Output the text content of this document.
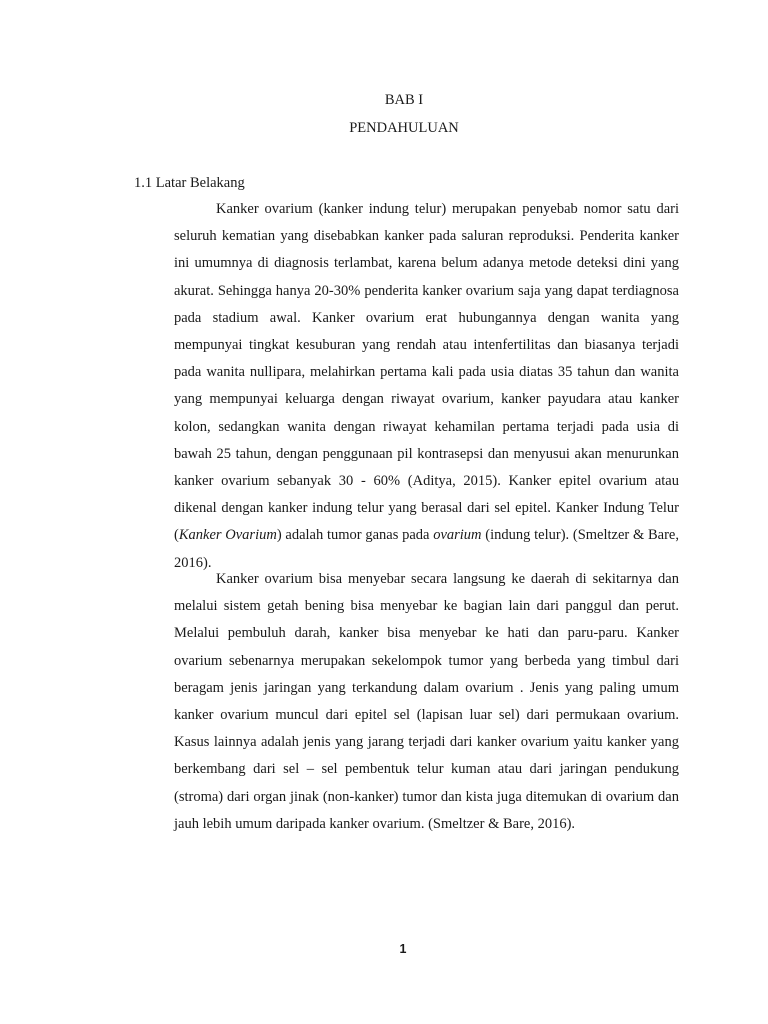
BAB I
PENDAHULUAN
1.1 Latar Belakang

Kanker ovarium (kanker indung telur) merupakan penyebab nomor satu dari seluruh kematian yang disebabkan kanker pada saluran reproduksi. Penderita kanker ini umumnya di diagnosis terlambat, karena belum adanya metode deteksi dini yang akurat. Sehingga hanya 20-30% penderita kanker ovarium saja yang dapat terdiagnosa pada stadium awal. Kanker ovarium erat hubungannya dengan wanita yang mempunyai tingkat kesuburan yang rendah atau intenfertilitas dan biasanya terjadi pada wanita nullipara, melahirkan pertama kali pada usia diatas 35 tahun dan wanita yang mempunyai keluarga dengan riwayat ovarium, kanker payudara atau kanker kolon, sedangkan wanita dengan riwayat kehamilan pertama terjadi pada usia di bawah 25 tahun, dengan penggunaan pil kontrasepsi dan menyusui akan menurunkan kanker ovarium sebanyak 30 - 60% (Aditya, 2015). Kanker epitel ovarium atau dikenal dengan kanker indung telur yang berasal dari sel epitel. Kanker Indung Telur (Kanker Ovarium) adalah tumor ganas pada ovarium (indung telur). (Smeltzer & Bare, 2016).

Kanker ovarium bisa menyebar secara langsung ke daerah di sekitarnya dan melalui sistem getah bening bisa menyebar ke bagian lain dari panggul dan perut. Melalui pembuluh darah, kanker bisa menyebar ke hati dan paru-paru. Kanker ovarium sebenarnya merupakan sekelompok tumor yang berbeda yang timbul dari beragam jenis jaringan yang terkandung dalam ovarium . Jenis yang paling umum kanker ovarium muncul dari epitel sel (lapisan luar sel) dari permukaan ovarium. Kasus lainnya adalah jenis yang jarang terjadi dari kanker ovarium yaitu kanker yang berkembang dari sel – sel pembentuk telur kuman atau dari jaringan pendukung (stroma) dari organ jinak (non-kanker) tumor dan kista juga ditemukan di ovarium dan jauh lebih umum daripada kanker ovarium. (Smeltzer & Bare, 2016).

1
